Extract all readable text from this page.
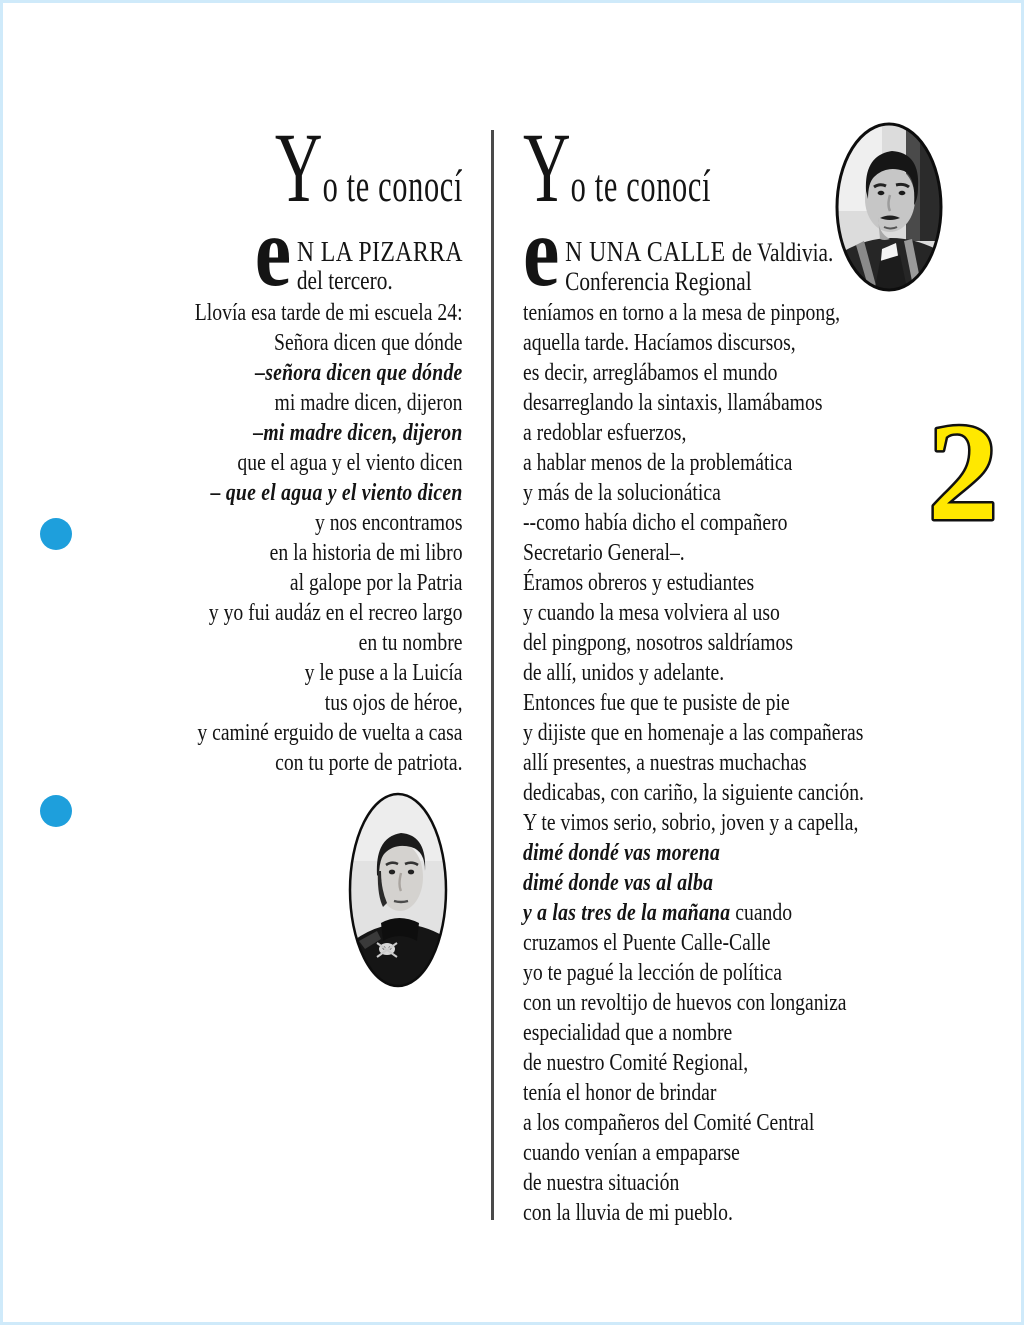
Yo te conocí
e N LA PIZARRA
del tercero.
Llovía esa tarde de mi escuela 24:
Señora dicen que dónde
–señora dicen que dónde
mi madre dicen, dijeron
–mi madre dicen, dijeron
que el agua y el viento dicen
– que el agua y el viento dicen
y nos encontramos
en la historia de mi libro
al galope por la Patria
y yo fui audáz en el recreo largo
en tu nombre
y le puse a la Luicía
tus ojos de héroe,
y caminé erguido de vuelta a casa
con tu porte de patriota.
Yo te conocí
e N UNA CALLE de Valdivia.
Conferencia Regional
teníamos en torno a la mesa de pinpong,
aquella tarde. Hacíamos discursos,
es decir, arreglábamos el mundo
desarreglando la sintaxis, llamábamos
a redoblar esfuerzos,
a hablar menos de la problemática
y más de la solucionática
--como había dicho el compañero
Secretario General–.
Éramos obreros y estudiantes
y cuando la mesa volviera al uso
del pingpong, nosotros saldríamos
de allí, unidos y adelante.
Entonces fue que te pusiste de pie
y dijiste que en homenaje a las compañeras
allí presentes, a nuestras muchachas
dedicabas, con cariño, la siguiente canción.
Y te vimos serio, sobrio, joven y a capella,
dimé dondé vas morena
dimé donde vas al alba
y a las tres de la mañana cuando
cruzamos el Puente Calle-Calle
yo te pagué la lección de política
con un revoltijo de huevos con longaniza
especialidad que a nombre
de nuestro Comité Regional,
tenía el honor de brindar
a los compañeros del Comité Central
cuando venían a empaparse
de nuestra situación
con la lluvia de mi pueblo.
2
